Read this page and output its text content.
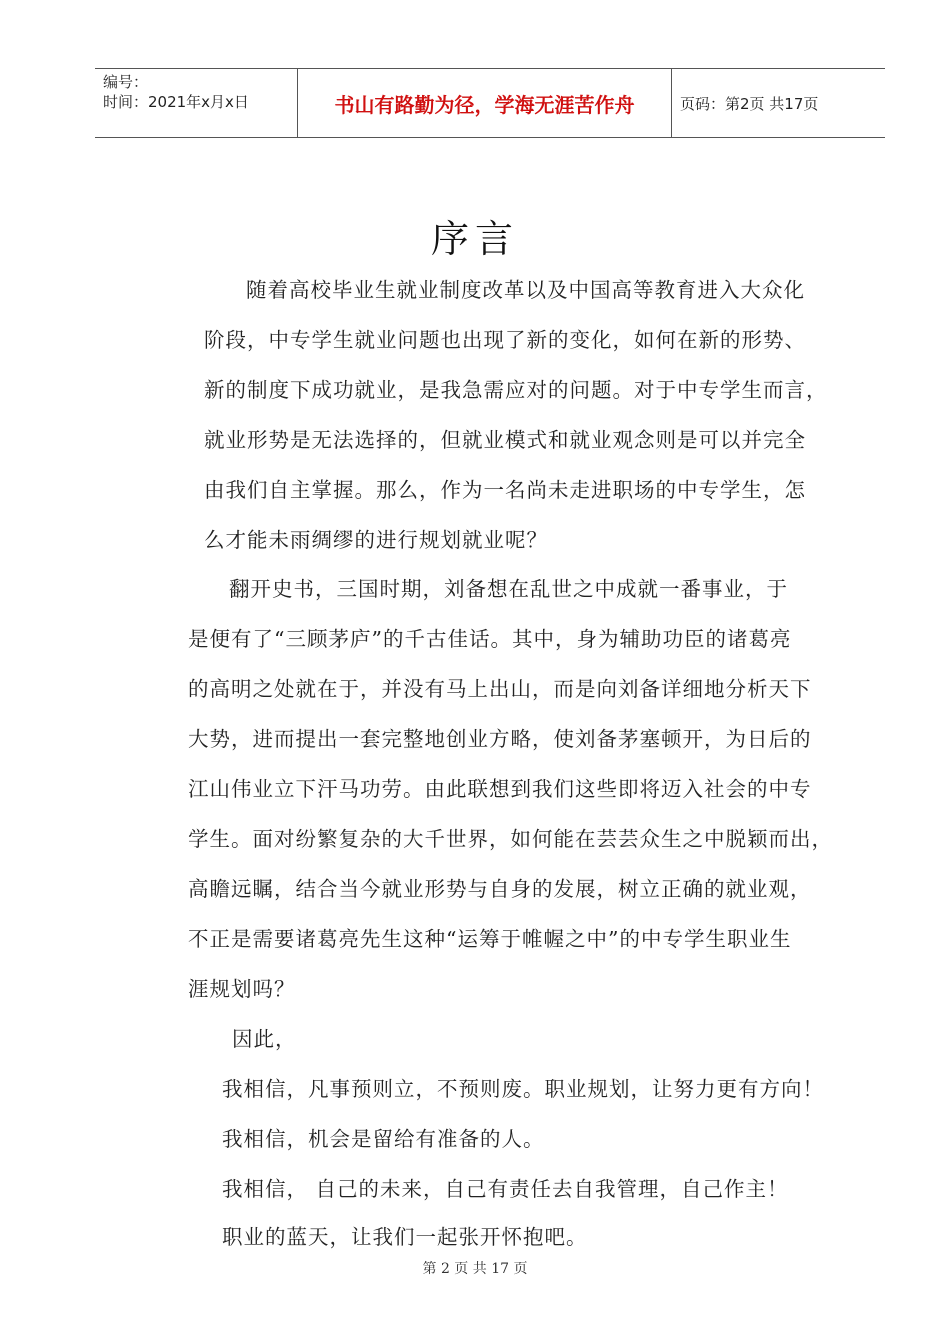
编号：
时间：2021年x月x日	书山有路勤为径，学海无涯苦作舟	页码：第2页 共17页
序言
随着高校毕业生就业制度改革以及中国高等教育进入大众化
阶段，中专学生就业问题也出现了新的变化，如何在新的形势、
新的制度下成功就业，是我急需应对的问题。对于中专学生而言，
就业形势是无法选择的，但就业模式和就业观念则是可以并完全
由我们自主掌握。那么，作为一名尚未走进职场的中专学生，怎
么才能未雨绸缪的进行规划就业呢？
翻开史书，三国时期，刘备想在乱世之中成就一番事业，于
是便有了“三顾茅庐”的千古佳话。其中，身为辅助功臣的诸葛亮
的高明之处就在于，并没有马上出山，而是向刘备详细地分析天下
大势，进而提出一套完整地创业方略，使刘备茅塞顿开，为日后的
江山伟业立下汗马功劳。由此联想到我们这些即将迈入社会的中专
学生。面对纷繁复杂的大千世界，如何能在芸芸众生之中脱颖而出，
高瞻远瞩，结合当今就业形势与自身的发展，树立正确的就业观，
不正是需要诸葛亮先生这种“运筹于帷幄之中”的中专学生职业生
涯规划吗？
因此，
我相信，凡事预则立，不预则废。职业规划，让努力更有方向！
我相信，机会是留给有准备的人。
我相信， 自己的未来，自己有责任去自我管理，自己作主！
职业的蓝天，让我们一起张开怀抱吧。
第 2 页 共 17 页
